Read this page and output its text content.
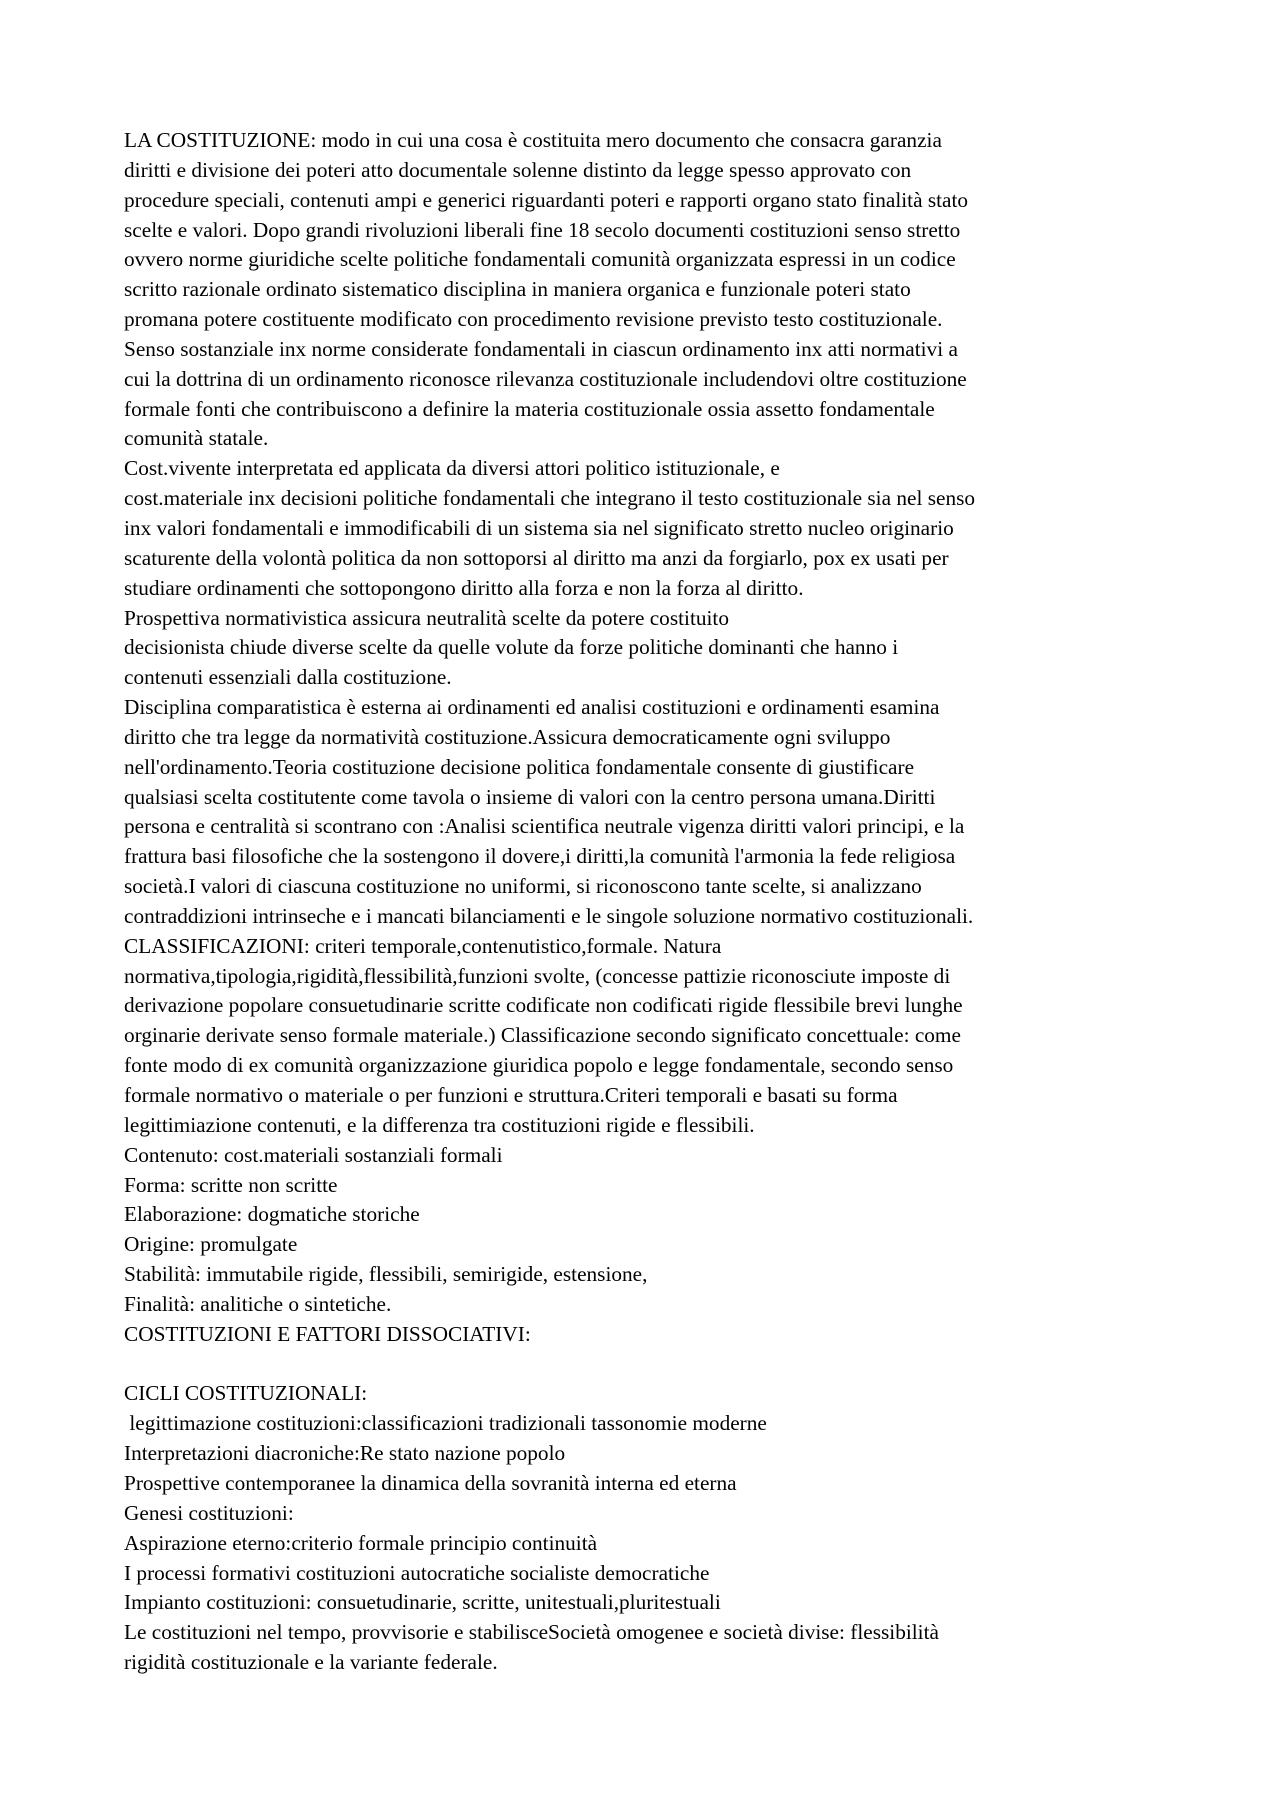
LA COSTITUZIONE: modo in cui una cosa è costituita mero documento che consacra garanzia
diritti e divisione dei poteri atto documentale solenne distinto da legge spesso approvato con
procedure speciali, contenuti ampi e generici riguardanti poteri e rapporti organo stato finalità stato
scelte e valori. Dopo grandi rivoluzioni liberali fine 18 secolo documenti costituzioni senso stretto
ovvero norme giuridiche scelte politiche fondamentali comunità organizzata espressi in un codice
scritto razionale ordinato sistematico disciplina in maniera organica e funzionale poteri stato
promana potere costituente modificato con procedimento revisione previsto testo costituzionale.
Senso sostanziale inx norme considerate fondamentali in ciascun ordinamento inx atti normativi a
cui la dottrina di un ordinamento riconosce rilevanza costituzionale includendovi oltre costituzione
formale fonti che contribuiscono a definire la materia costituzionale ossia assetto fondamentale
comunità statale.
Cost.vivente interpretata ed applicata da diversi attori politico istituzionale, e
cost.materiale inx decisioni politiche fondamentali che integrano il testo costituzionale sia nel senso
inx valori fondamentali e immodificabili di un sistema sia nel significato stretto nucleo originario
scaturente della volontà politica da non sottoporsi al diritto ma anzi da forgiarlo, pox ex usati per
studiare ordinamenti che sottopongono diritto alla forza e non la forza al diritto.
Prospettiva normativistica assicura neutralità scelte da potere costituito
decisionista chiude diverse scelte da quelle volute da forze politiche dominanti che hanno i
contenuti essenziali dalla costituzione.
Disciplina comparatistica è esterna ai ordinamenti ed analisi costituzioni e ordinamenti esamina
diritto che tra legge da normatività costituzione.Assicura democraticamente ogni sviluppo
nell'ordinamento.Teoria costituzione decisione politica fondamentale consente di giustificare
qualsiasi scelta costitutente come tavola o insieme di valori con la centro persona umana.Diritti
persona e centralità si scontrano con :Analisi scientifica neutrale vigenza diritti valori principi, e la
frattura basi filosofiche che la sostengono il dovere,i diritti,la comunità l'armonia la fede religiosa
società.I valori di ciascuna costituzione no uniformi, si riconoscono tante scelte, si analizzano
contraddizioni intrinseche e i mancati bilanciamenti e le singole soluzione normativo costituzionali.
CLASSIFICAZIONI: criteri temporale,contenutistico,formale. Natura
normativa,tipologia,rigidità,flessibilità,funzioni svolte, (concesse pattizie riconosciute imposte di
derivazione popolare consuetudinarie scritte codificate non codificati rigide flessibile brevi lunghe
orginarie derivate senso formale materiale.) Classificazione secondo significato concettuale: come
fonte modo di ex comunità organizzazione giuridica popolo e legge fondamentale, secondo senso
formale normativo o materiale o per funzioni e struttura.Criteri temporali e basati su forma
legittimiazione contenuti, e la differenza tra costituzioni rigide e flessibili.
Contenuto: cost.materiali sostanziali formali
Forma: scritte non scritte
Elaborazione: dogmatiche storiche
Origine: promulgate
Stabilità: immutabile rigide, flessibili, semirigide, estensione,
Finalità: analitiche o sintetiche.
COSTITUZIONI E FATTORI DISSOCIATIVI:
CICLI COSTITUZIONALI:
legittimazione costituzioni:classificazioni tradizionali tassonomie moderne
Interpretazioni diacroniche:Re stato nazione popolo
Prospettive contemporanee la dinamica della sovranità interna ed eterna
Genesi costituzioni:
Aspirazione eterno:criterio formale principio continuità
I processi formativi costituzioni autocratiche socialiste democratiche
Impianto costituzioni: consuetudinarie, scritte, unitestuali,pluritestuali
Le costituzioni nel tempo, provvisorie e stabilisceSocietà omogenee e società divise: flessibilità
rigidità costituzionale e la variante federale.
